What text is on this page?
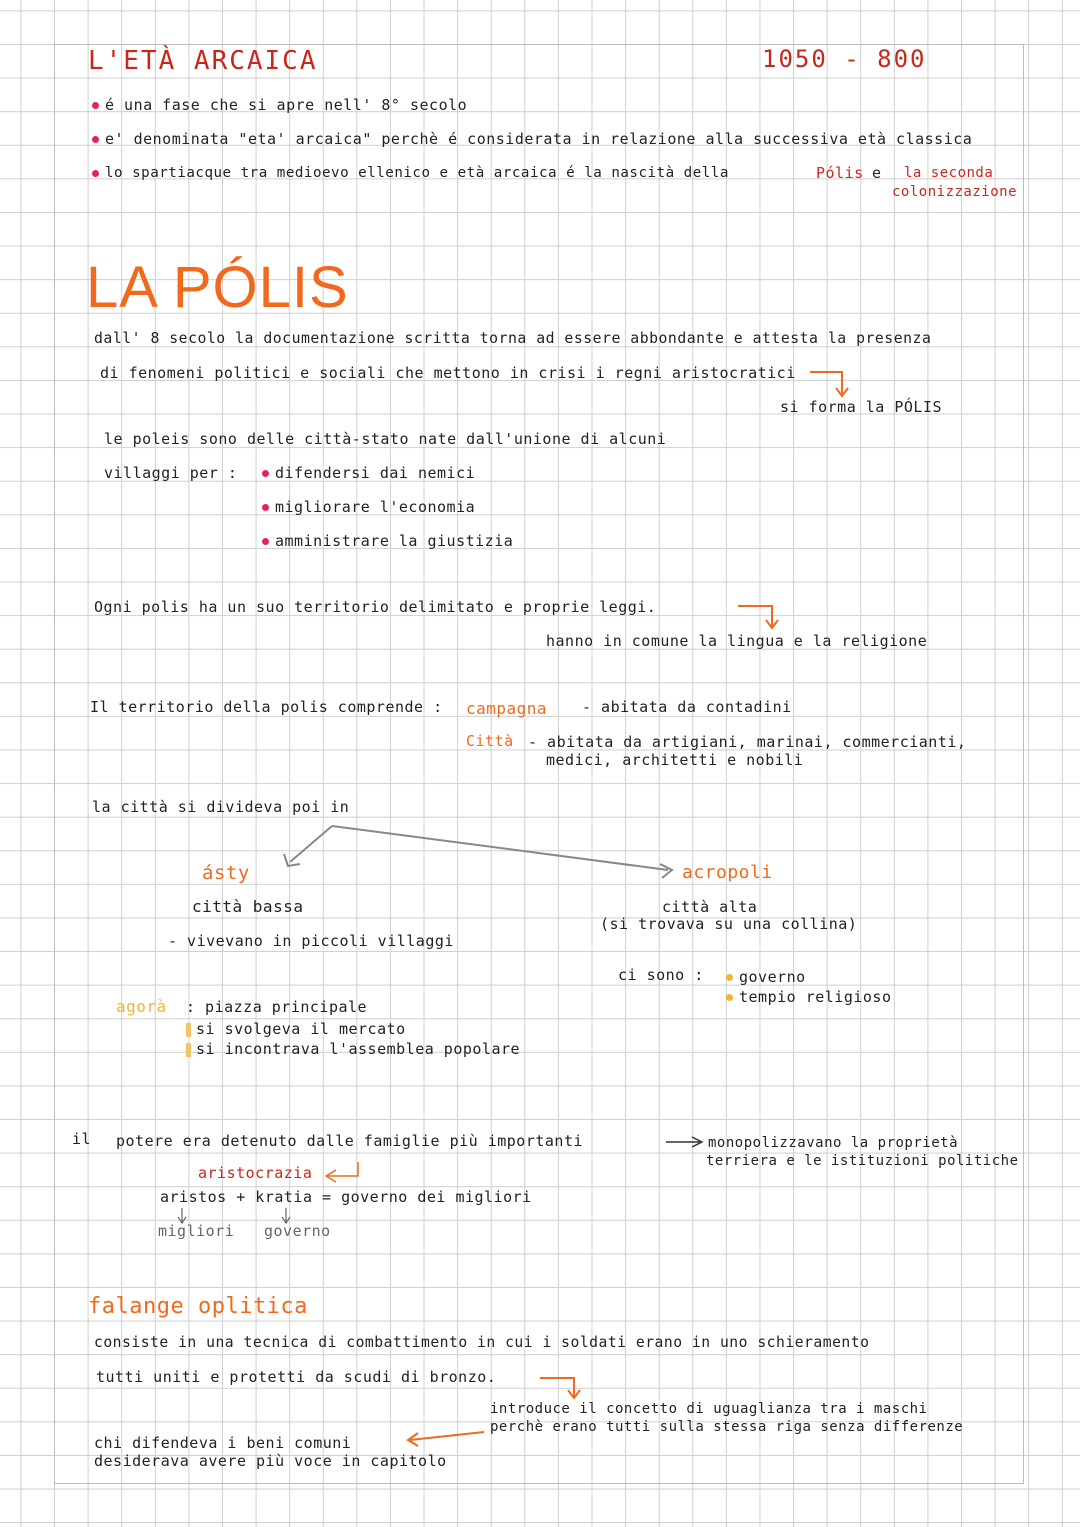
L'ETÀ ARCAICA	1050 - 800
é una fase che si apre nell' 8° secolo
e' denominata "eta' arcaica" perchè é considerata in relazione alla successiva età classica
lo spartiacque tra medioevo ellenico e età arcaica é la nascità della	Pólis e la seconda
colonizzazione
LA PÓLIS
dall' 8 secolo la documentazione scritta torna ad essere abbondante e attesta la presenza
di fenomeni politici e sociali che mettono in crisi i regni aristocratici
si forma la PÓLIS
le poleis sono delle città-stato nate dall'unione di alcuni
villaggi per :	difendersi dai nemici
migliorare l'economia
amministrare la giustizia
Ogni polis ha un suo territorio delimitato e proprie leggi.
hanno in comune la lingua e la religione
Il territorio della polis comprende : campagna - abitata da contadini
Città - abitata da artigiani, marinai, commercianti,
medici, architetti e nobili
la città si divideva poi in
ásty
città bassa
- vivevano in piccoli villaggi
acropoli
città alta
(si trovava su una collina)
ci sono :	governo
tempio religioso
agorà : piazza principale
si svolgeva il mercato
si incontrava l'assemblea popolare
il potere era detenuto dalle famiglie più importanti	monopolizzavano la proprietà
terriera e le istituzioni politiche
aristocrazia
aristos + kratia = governo dei migliori
migliori governo
falange oplitica
consiste in una tecnica di combattimento in cui i soldati erano in uno schieramento
tutti uniti e protetti da scudi di bronzo.
introduce il concetto di uguaglianza tra i maschi
perchè erano tutti sulla stessa riga senza differenze
chi difendeva i beni comuni
desiderava avere più voce in capitolo
